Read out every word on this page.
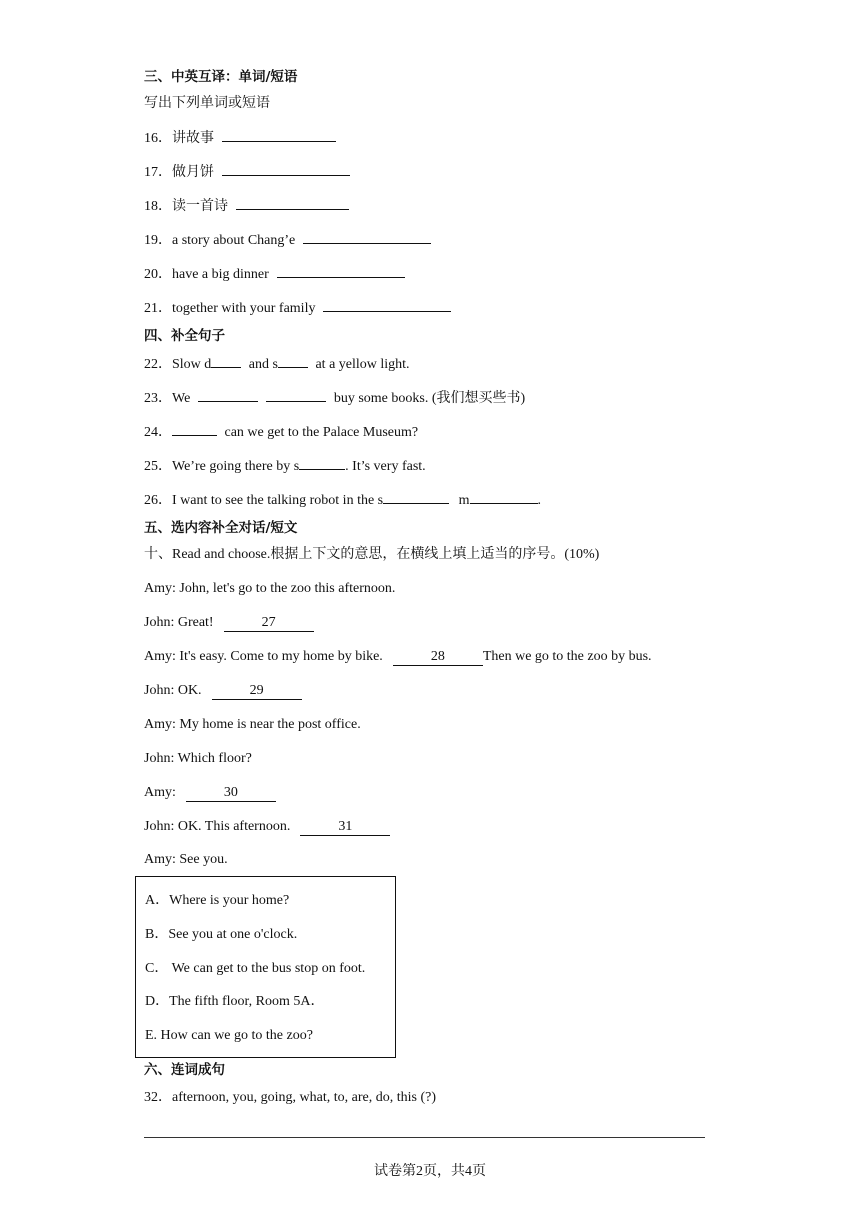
三、中英互译：单词/短语
写出下列单词或短语
16．讲故事
17．做月饼
18．读一首诗
19．a story about Chang’e
20．have a big dinner
21．together with your family
四、补全句子
22．Slow d	and s	at a yellow light.
23．We	buy some books. (我们想买些书)
24．	can we get to the Palace Museum?
25．We’re going there by s	. It’s very fast.
26．I want to see the talking robot in the s	m	.
五、选内容补全对话/短文
十、Read and choose.根据上下文的意思，在横线上填上适当的序号。(10%)
Amy: John, let's go to the zoo this afternoon.
John: Great!	27
Amy: It's easy. Come to my home by bike.	28	Then we go to the zoo by bus.
John: OK.	29
Amy: My home is near the post office.
John: Which floor?
Amy:	30
John: OK. This afternoon.	31
Amy: See you.
A．Where is your home?
B．See you at one o'clock.
C． We can get to the bus stop on foot.
D．The fifth floor, Room 5A．
E. How can we go to the zoo?
六、连词成句
32．afternoon, you, going, what, to, are, do, this (?)
试卷第2页，共4页
